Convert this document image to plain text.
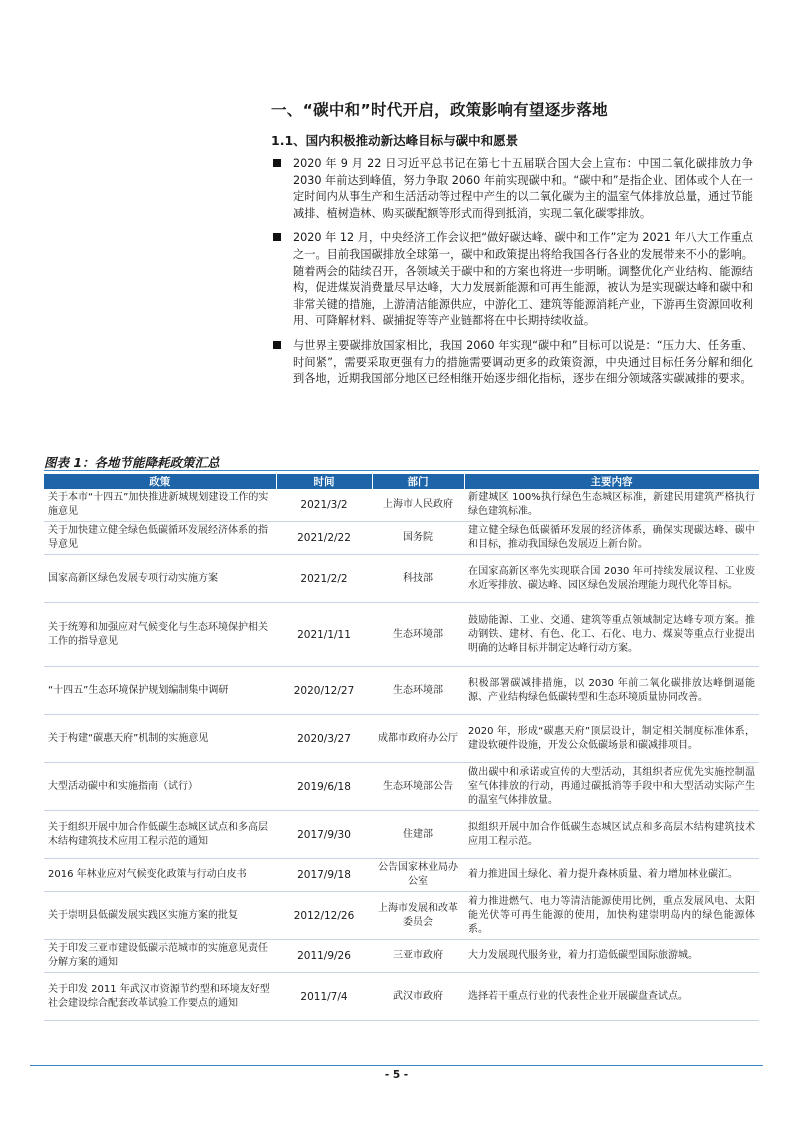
一、“碳中和”时代开启，政策影响有望逐步落地
1.1、国内积极推动新达峰目标与碳中和愿景
2020 年 9 月 22 日习近平总书记在第七十五届联合国大会上宣布：中国二氧化碳排放力争 2030 年前达到峰值，努力争取 2060 年前实现碳中和。“碳中和”是指企业、团体或个人在一定时间内从事生产和生活活动等过程中产生的以二氧化碳为主的温室气体排放总量，通过节能减排、植树造林、购买碳配额等形式而得到抵消，实现二氧化碳零排放。
2020 年 12 月，中央经济工作会议把“做好碳达峰、碳中和工作”定为 2021 年八大工作重点之一。目前我国碳排放全球第一，碳中和政策提出将给我国各行各业的发展带来不小的影响。随着两会的陆续召开，各领域关于碳中和的方案也将进一步明晰。调整优化产业结构、能源结构，促进煤炭消费量尽早达峰，大力发展新能源和可再生能源，被认为是实现碳达峰和碳中和非常关键的措施，上游清洁能源供应，中游化工、建筑等能源消耗产业，下游再生资源回收利用、可降解材料、碳捕捉等等产业链都将在中长期持续收益。
与世界主要碳排放国家相比，我国 2060 年实现“碳中和”目标可以说是：“压力大、任务重、时间紧”，需要采取更强有力的措施需要调动更多的政策资源，中央通过目标任务分解和细化到各地，近期我国部分地区已经相继开始逐步细化指标，逐步在细分领域落实碳减排的要求。
图表 1：各地节能降耗政策汇总
政策	时间	部门	主要内容
关于本市“十四五”加快推进新城规划建设工作的实施意见	2021/3/2	上海市人民政府	新建城区 100%执行绿色生态城区标准，新建民用建筑严格执行绿色建筑标准。
关于加快建立健全绿色低碳循环发展经济体系的指导意见	2021/2/22	国务院	建立健全绿色低碳循环发展的经济体系，确保实现碳达峰、碳中和目标，推动我国绿色发展迈上新台阶。
国家高新区绿色发展专项行动实施方案	2021/2/2	科技部	在国家高新区率先实现联合国 2030 年可持续发展议程、工业废水近零排放、碳达峰、园区绿色发展治理能力现代化等目标。
关于统筹和加强应对气候变化与生态环境保护相关工作的指导意见	2021/1/11	生态环境部	鼓励能源、工业、交通、建筑等重点领域制定达峰专项方案。推动钢铁、建材、有色、化工、石化、电力、煤炭等重点行业提出明确的达峰目标并制定达峰行动方案。
“十四五”生态环境保护规划编制集中调研	2020/12/27	生态环境部	积极部署碳减排措施，以 2030 年前二氧化碳排放达峰倒逼能源、产业结构绿色低碳转型和生态环境质量协同改善。
关于构建“碳惠天府”机制的实施意见	2020/3/27	成都市政府办公厅	2020 年，形成“碳惠天府”顶层设计，制定相关制度标准体系，建设软硬件设施，开发公众低碳场景和碳减排项目。
大型活动碳中和实施指南（试行）	2019/6/18	生态环境部公告	做出碳中和承诺或宣传的大型活动，其组织者应优先实施控制温室气体排放的行动，再通过碳抵消等手段中和大型活动实际产生的温室气体排放量。
关于组织开展中加合作低碳生态城区试点和多高层木结构建筑技术应用工程示范的通知	2017/9/30	住建部	拟组织开展中加合作低碳生态城区试点和多高层木结构建筑技术应用工程示范。
2016 年林业应对气候变化政策与行动白皮书	2017/9/18	公告国家林业局办公室	着力推进国土绿化、着力提升森林质量、着力增加林业碳汇。
关于崇明县低碳发展实践区实施方案的批复	2012/12/26	上海市发展和改革委员会	着力推进燃气、电力等清洁能源使用比例，重点发展风电、太阳能光伏等可再生能源的使用，加快构建崇明岛内的绿色能源体系。
关于印发三亚市建设低碳示范城市的实施意见责任分解方案的通知	2011/9/26	三亚市政府	大力发展现代服务业，着力打造低碳型国际旅游城。
关于印发 2011 年武汉市资源节约型和环境友好型社会建设综合配套改革试验工作要点的通知	2011/7/4	武汉市政府	选择若干重点行业的代表性企业开展碳盘查试点。
- 5 -
